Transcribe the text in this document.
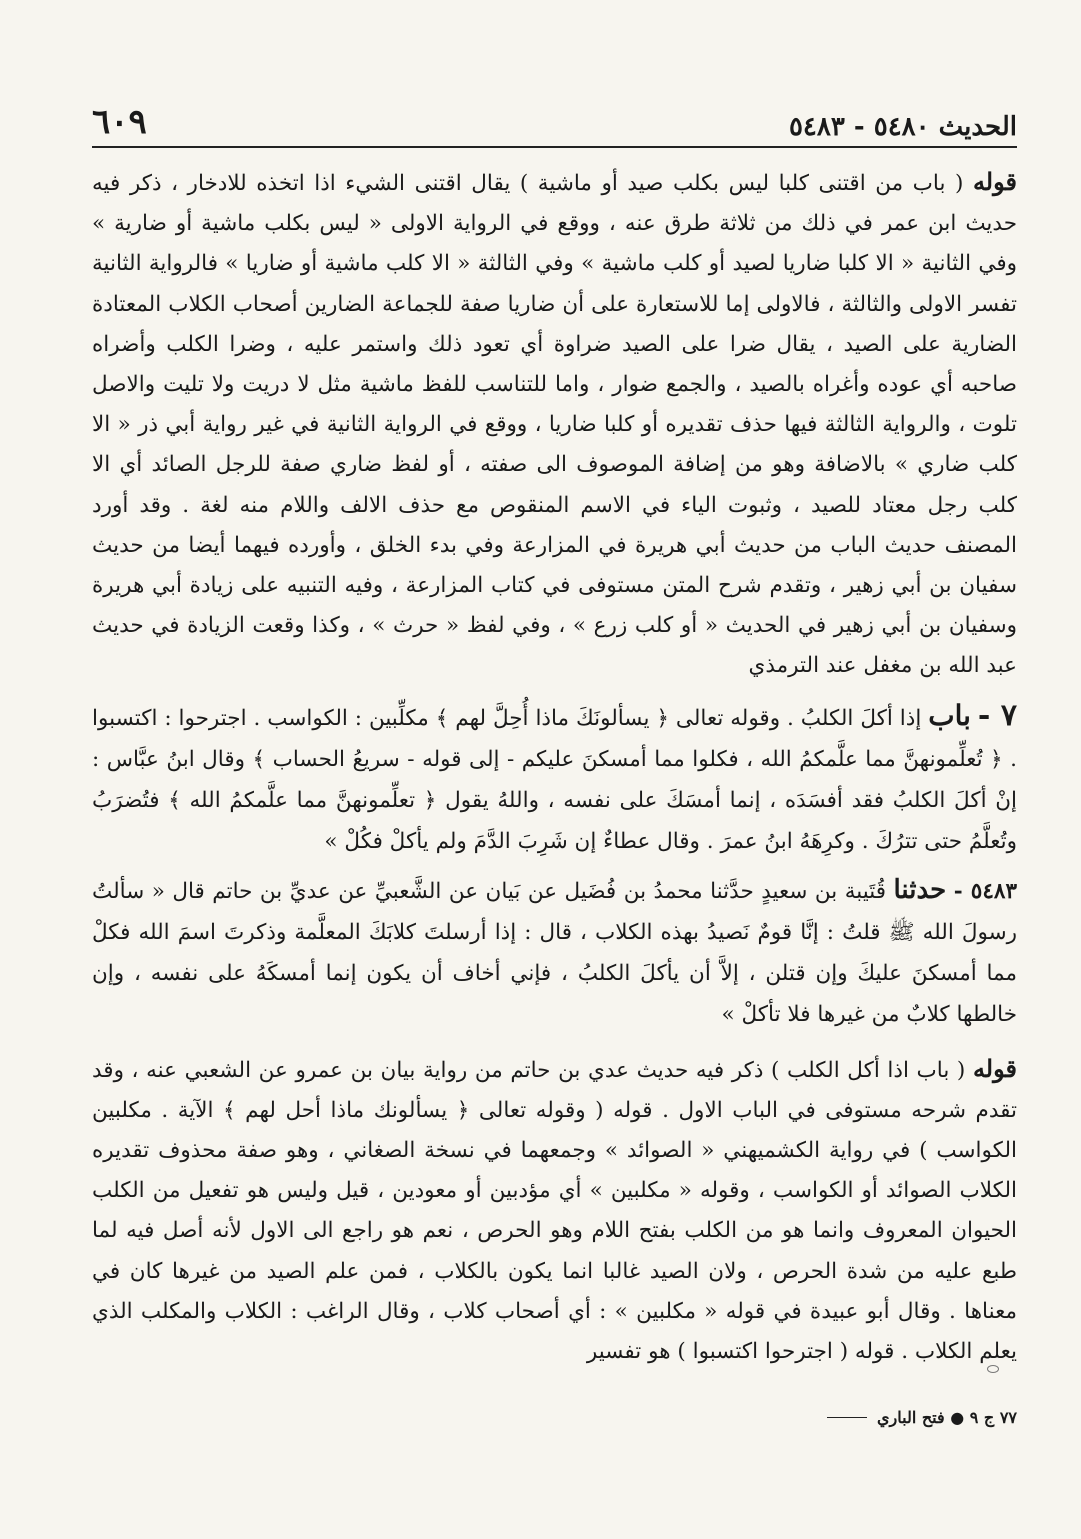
الحديث ٥٤٨٠ - ٥٤٨٣
٦٠٩

قوله ( باب من اقتنى كلبا ليس بكلب صيد أو ماشية ) يقال اقتنى الشيء اذا اتخذه للادخار ، ذكر فيه حديث ابن عمر في ذلك من ثلاثة طرق عنه ، ووقع في الرواية الاولى « ليس بكلب ماشية أو ضارية » وفي الثانية « الا كلبا ضاريا لصيد أو كلب ماشية » وفي الثالثة « الا كلب ماشية أو ضاريا » فالرواية الثانية تفسر الاولى والثالثة ، فالاولى إما للاستعارة على أن ضاريا صفة للجماعة الضارين أصحاب الكلاب المعتادة الضارية على الصيد ، يقال ضرا على الصيد ضراوة أي تعود ذلك واستمر عليه ، وضرا الكلب وأضراه صاحبه أي عوده وأغراه بالصيد ، والجمع ضوار ، واما للتناسب للفظ ماشية مثل لا دريت ولا تليت والاصل تلوت ، والرواية الثالثة فيها حذف تقديره أو كلبا ضاريا ، ووقع في الرواية الثانية في غير رواية أبي ذر « الا كلب ضاري » بالاضافة وهو من إضافة الموصوف الى صفته ، أو لفظ ضاري صفة للرجل الصائد أي الا كلب رجل معتاد للصيد ، وثبوت الياء في الاسم المنقوص مع حذف الالف واللام منه لغة . وقد أورد المصنف حديث الباب من حديث أبي هريرة في المزارعة وفي بدء الخلق ، وأورده فيهما أيضا من حديث سفيان بن أبي زهير ، وتقدم شرح المتن مستوفى في كتاب المزارعة ، وفيه التنبيه على زيادة أبي هريرة وسفيان بن أبي زهير في الحديث « أو كلب زرع » ، وفي لفظ « حرث » ، وكذا وقعت الزيادة في حديث عبد الله بن مغفل عند الترمذي

٧ - باب إذا أكلَ الكلبُ . وقوله تعالى ﴿ يسألونَكَ ماذا أُحِلَّ لهم ﴾ مكلِّبين : الكواسب . اجترحوا : اكتسبوا . ﴿ تُعلِّمونهنَّ مما علَّمكمُ الله ، فكلوا مما أمسكنَ عليكم - إلى قوله - سريعُ الحساب ﴾ وقال ابنُ عبَّاس : إنْ أكلَ الكلبُ فقد أفسَدَه ، إنما أمسَكَ على نفسه ، واللهُ يقول ﴿ تعلِّمونهنَّ مما علَّمكمُ الله ﴾ فتُضرَبُ وتُعلَّمُ حتى تترُكَ . وكرِهَهُ ابنُ عمرَ . وقال عطاءٌ إن شَرِبَ الدَّمَ ولم يأكلْ فكُلْ »

٥٤٨٣ - حدثنا قُتَيبة بن سعيدٍ حدَّثنا محمدُ بن فُضَيل عن بَيان عن الشَّعبيِّ عن عديِّ بن حاتم قال « سألتُ رسولَ الله ﷺ قلتُ : إنَّا قومٌ نَصيدُ بهذه الكلاب ، قال : إذا أرسلتَ كلابَكَ المعلَّمة وذكرتَ اسمَ الله فكلْ مما أمسكنَ عليكَ وإن قتلن ، إلاَّ أن يأكلَ الكلبُ ، فإني أخاف أن يكون إنما أمسكَهُ على نفسه ، وإن خالطها كلابٌ من غيرها فلا تأكلْ »

قوله ( باب اذا أكل الكلب ) ذكر فيه حديث عدي بن حاتم من رواية بيان بن عمرو عن الشعبي عنه ، وقد تقدم شرحه مستوفى في الباب الاول . قوله ( وقوله تعالى ﴿ يسألونك ماذا أحل لهم ﴾ الآية . مكلبين الكواسب ) في رواية الكشميهني « الصوائد » وجمعهما في نسخة الصغاني ، وهو صفة محذوف تقديره الكلاب الصوائد أو الكواسب ، وقوله « مكلبين » أي مؤدبين أو معودين ، قيل وليس هو تفعيل من الكلب الحيوان المعروف وانما هو من الكلب بفتح اللام وهو الحرص ، نعم هو راجع الى الاول لأنه أصل فيه لما طبع عليه من شدة الحرص ، ولان الصيد غالبا انما يكون بالكلاب ، فمن علم الصيد من غيرها كان في معناها . وقال أبو عبيدة في قوله « مكلبين » : أي أصحاب كلاب ، وقال الراغب : الكلاب والمكلب الذي يعلم الكلاب . قوله ( اجترحوا اكتسبوا ) هو تفسير

٧٧ ج ٩ ● فتح الباري
